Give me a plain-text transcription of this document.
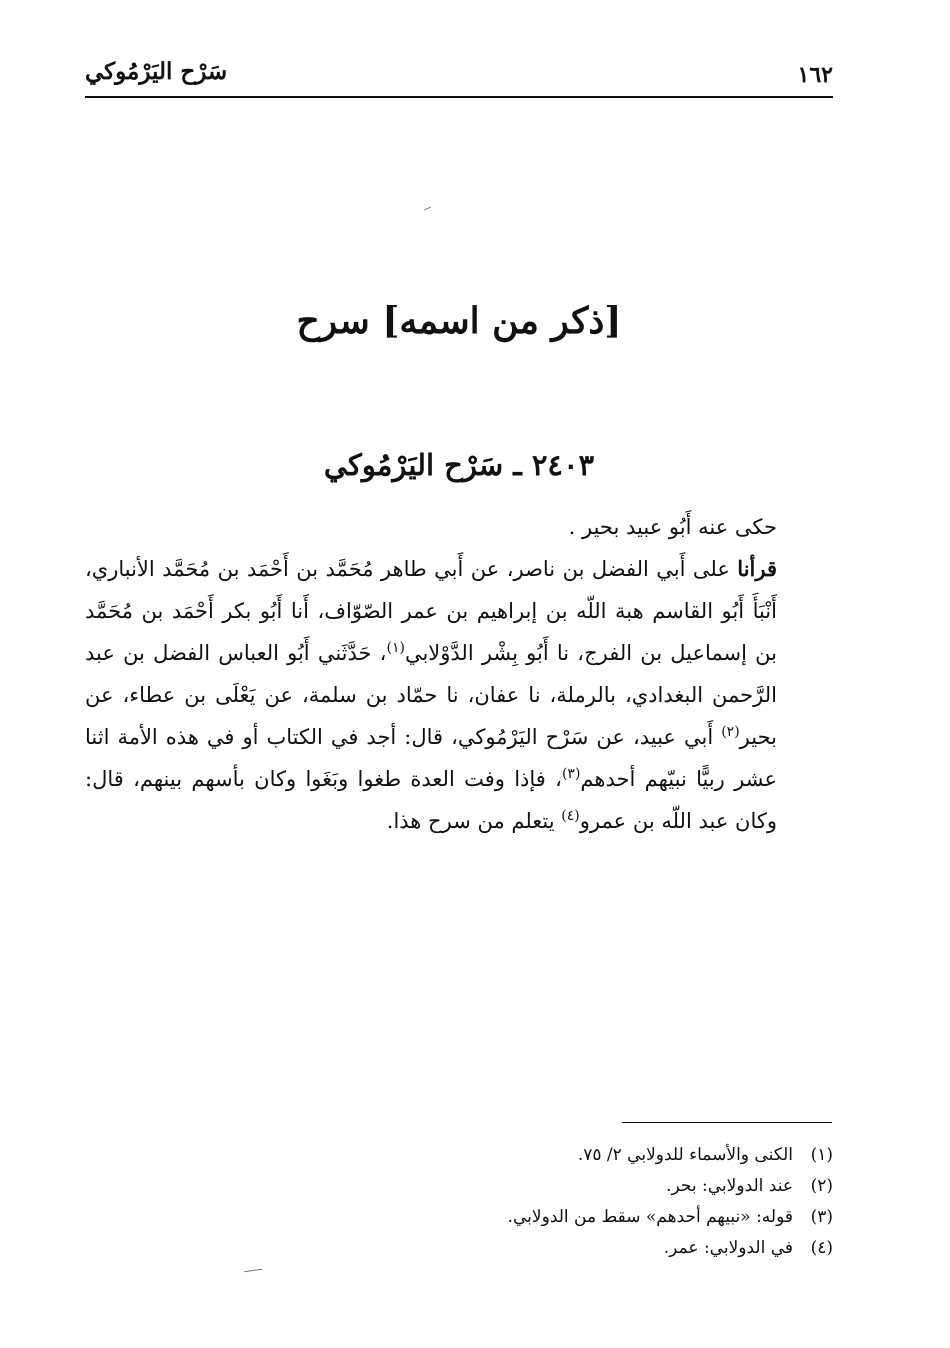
١٦٢
سَرْح اليَرْمُوكي
[ذكر من اسمه] سرح
٢٤٠٣ ـ سَرْح اليَرْمُوكي

حكى عنه أَبُو عبيد بحير .

قرأنا على أَبي الفضل بن ناصر، عن أَبي طاهر مُحَمَّد بن أَحْمَد بن مُحَمَّد الأنباري، أَنْبَأَ أَبُو القاسم هبة اللّه بن إبراهيم بن عمر الصّوّاف، أَنا أَبُو بكر أَحْمَد بن مُحَمَّد بن إسماعيل بن الفرج، نا أَبُو بِشْر الدَّوْلابي$^{(١)}$، حَدَّثَني أَبُو العباس الفضل بن عبد الرَّحمن البغدادي، بالرملة، نا عفان، نا حمّاد بن سلمة، عن يَعْلَى بن عطاء، عن بحير$^{(٢)}$ أَبي عبيد، عن سَرْح اليَرْمُوكي، قال: أجد في الكتاب أو في هذه الأمة اثنا عشر ربيًّا نبيّهم أحدهم$^{(٣)}$، فإذا وفت العدة طغوا وبَغَوا وكان بأسهم بينهم، قال: وكان عبد اللّه بن عمرو$^{(٤)}$ يتعلم من سرح هذا.

(١)الكنى والأسماء للدولابي ٢/ ٧٥.

(٢)عند الدولابي: بحر.

(٣)قوله: «نبيهم أحدهم» سقط من الدولابي.

(٤)في الدولابي: عمر.
